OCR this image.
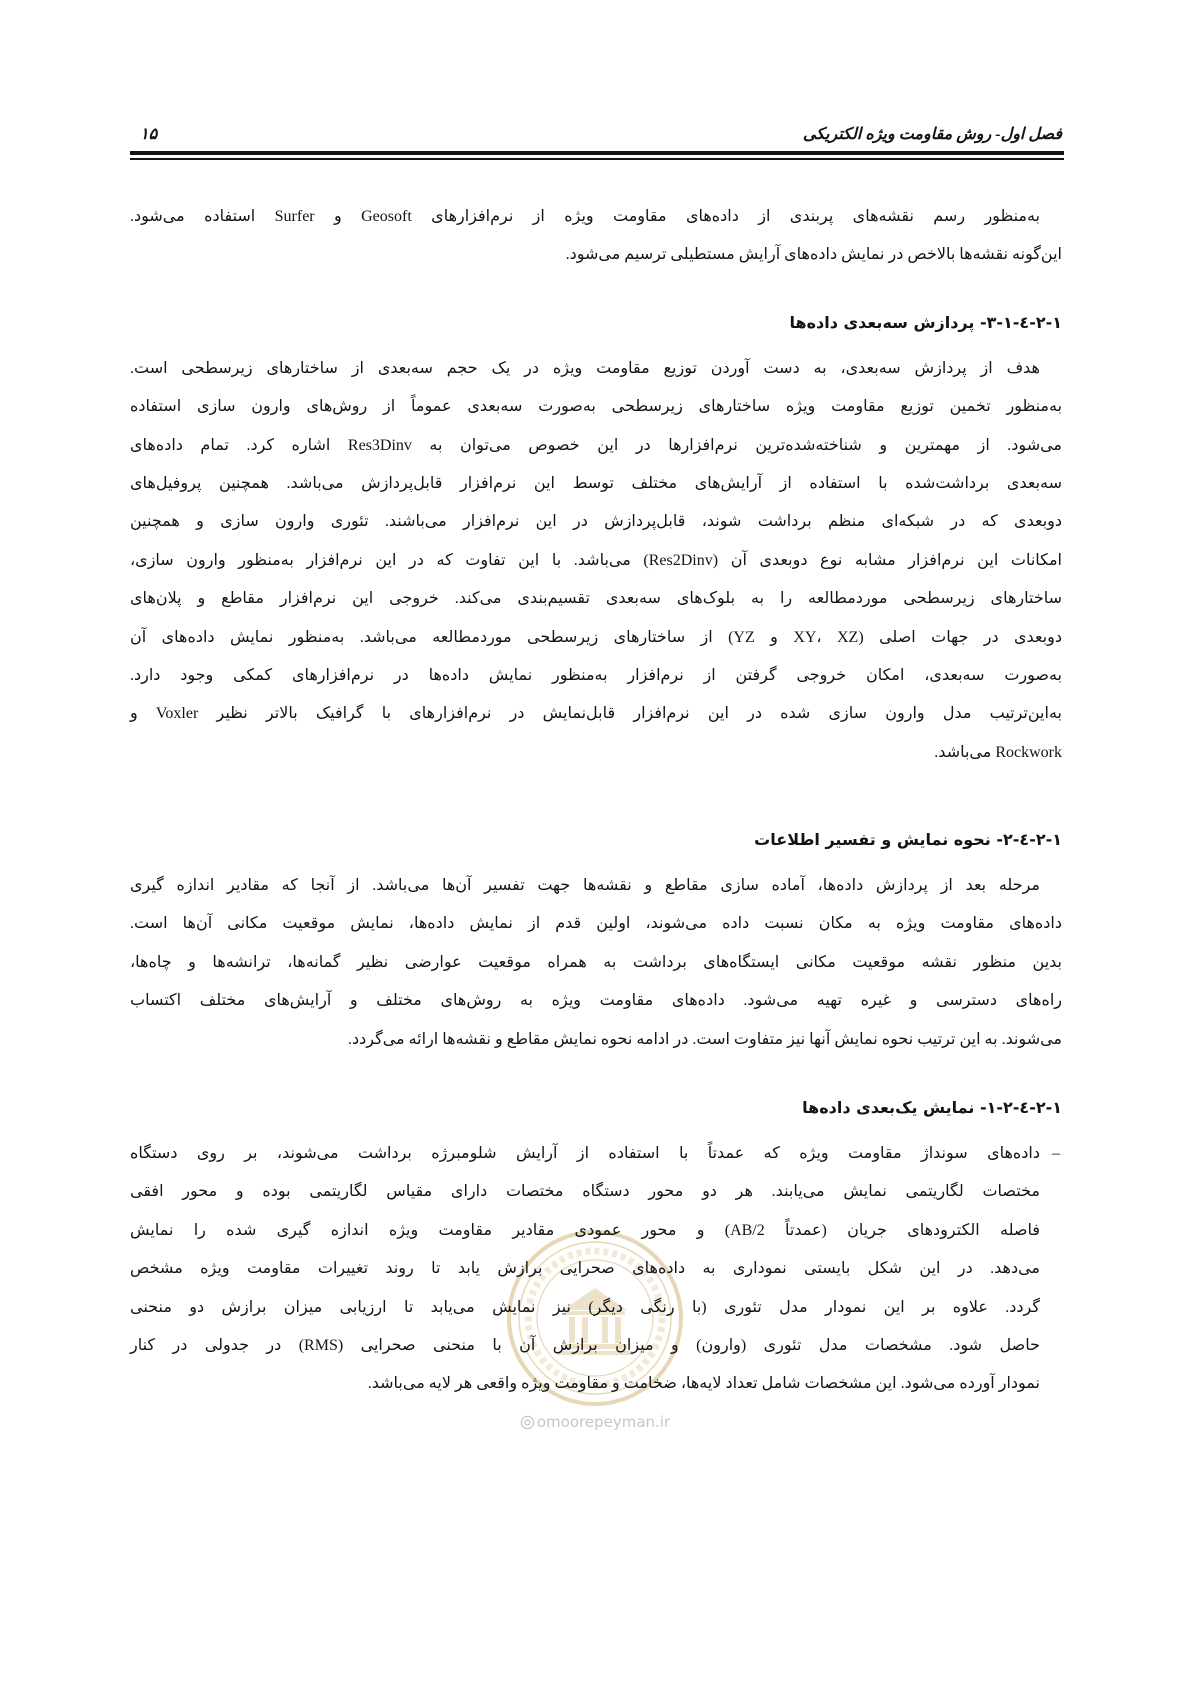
فصل اول- روش مقاومت ویژه الکتریکی
۱۵
omoorepeyman.ir
به‌منظور رسم نقشه‌های پربندی از داده‌های مقاومت ویژه از نرم‌افزارهای Geosoft و Surfer استفاده می‌شود.
این‌گونه نقشه‌ها بالاخص در نمایش داده‌های آرایش مستطیلی ترسیم می‌شود.
۱-۲-٤-۱-۳- پردازش سه‌بعدی داده‌ها
هدف از پردازش سه‌بعدی، به دست آوردن توزیع مقاومت ویژه در یک حجم سه‌بعدی از ساختارهای زیرسطحی است.
به‌منظور تخمین توزیع مقاومت ویژه ساختارهای زیرسطحی به‌صورت سه‌بعدی عموماً از روش‌های وارون سازی استفاده
می‌شود. از مهمترین و شناخته‌شده‌ترین نرم‌افزارها در این خصوص می‌توان به Res3Dinv اشاره کرد. تمام داده‌های
سه‌بعدی برداشت‌شده با استفاده از آرایش‌های مختلف توسط این نرم‌افزار قابل‌پردازش می‌باشد. همچنین پروفیل‌های
دوبعدی که در شبکه‌ای منظم برداشت شوند، قابل‌پردازش در این نرم‌افزار می‌باشند. تئوری وارون سازی و همچنین
امکانات این نرم‌افزار مشابه نوع دوبعدی آن (Res2Dinv) می‌باشد. با این تفاوت که در این نرم‌افزار به‌منظور وارون سازی،
ساختارهای زیرسطحی موردمطالعه را به بلوک‌های سه‌بعدی تقسیم‌بندی می‌کند. خروجی این نرم‌افزار مقاطع و پلان‌های
دوبعدی در جهات اصلی (XY، XZ و YZ) از ساختارهای زیرسطحی موردمطالعه می‌باشد. به‌منظور نمایش داده‌های آن
به‌صورت سه‌بعدی، امکان خروجی گرفتن از نرم‌افزار به‌منظور نمایش داده‌ها در نرم‌افزارهای کمکی وجود دارد.
به‌این‌ترتیب مدل وارون سازی شده در این نرم‌افزار قابل‌نمایش در نرم‌افزارهای با گرافیک بالاتر نظیر Voxler و
Rockwork می‌باشد.
۱-۲-٤-۲- نحوه نمایش و تفسیر اطلاعات
مرحله بعد از پردازش داده‌ها، آماده سازی مقاطع و نقشه‌ها جهت تفسیر آن‌ها می‌باشد. از آنجا که مقادیر اندازه گیری
داده‌های مقاومت ویژه به مکان نسبت داده می‌شوند، اولین قدم از نمایش داده‌ها، نمایش موقعیت مکانی آن‌ها است.
بدین منظور نقشه موقعیت مکانی ایستگاه‌های برداشت به همراه موقعیت عوارضی نظیر گمانه‌ها، ترانشه‌ها و چاه‌ها،
راه‌های دسترسی و غیره تهیه می‌شود. داده‌های مقاومت ویژه به روش‌های مختلف و آرایش‌های مختلف اکتساب
می‌شوند. به این ترتیب نحوه نمایش آنها نیز متفاوت است. در ادامه نحوه نمایش مقاطع و نقشه‌ها ارائه می‌گردد.
۱-۲-٤-۲-۱- نمایش یک‌بعدی داده‌ها
–
داده‌های سونداژ مقاومت ویژه که عمدتاً با استفاده از آرایش شلومبرژه برداشت می‌شوند، بر روی دستگاه
مختصات لگاریتمی نمایش می‌یابند. هر دو محور دستگاه مختصات دارای مقیاس لگاریتمی بوده و محور افقی
فاصله الکترودهای جریان (عمدتاً AB/2) و محور عمودی مقادیر مقاومت ویژه اندازه گیری شده را نمایش
می‌دهد. در این شکل بایستی نموداری به داده‌های صحرایی برازش یابد تا روند تغییرات مقاومت ویژه مشخص
گردد. علاوه بر این نمودار مدل تئوری (با رنگی دیگر) نیز نمایش می‌یابد تا ارزیابی میزان برازش دو منحنی
حاصل شود. مشخصات مدل تئوری (وارون) و میزان برازش آن با منحنی صحرایی (RMS) در جدولی در کنار
نمودار آورده می‌شود. این مشخصات شامل تعداد لایه‌ها، ضخامت و مقاومت ویژه واقعی هر لایه می‌باشد.
